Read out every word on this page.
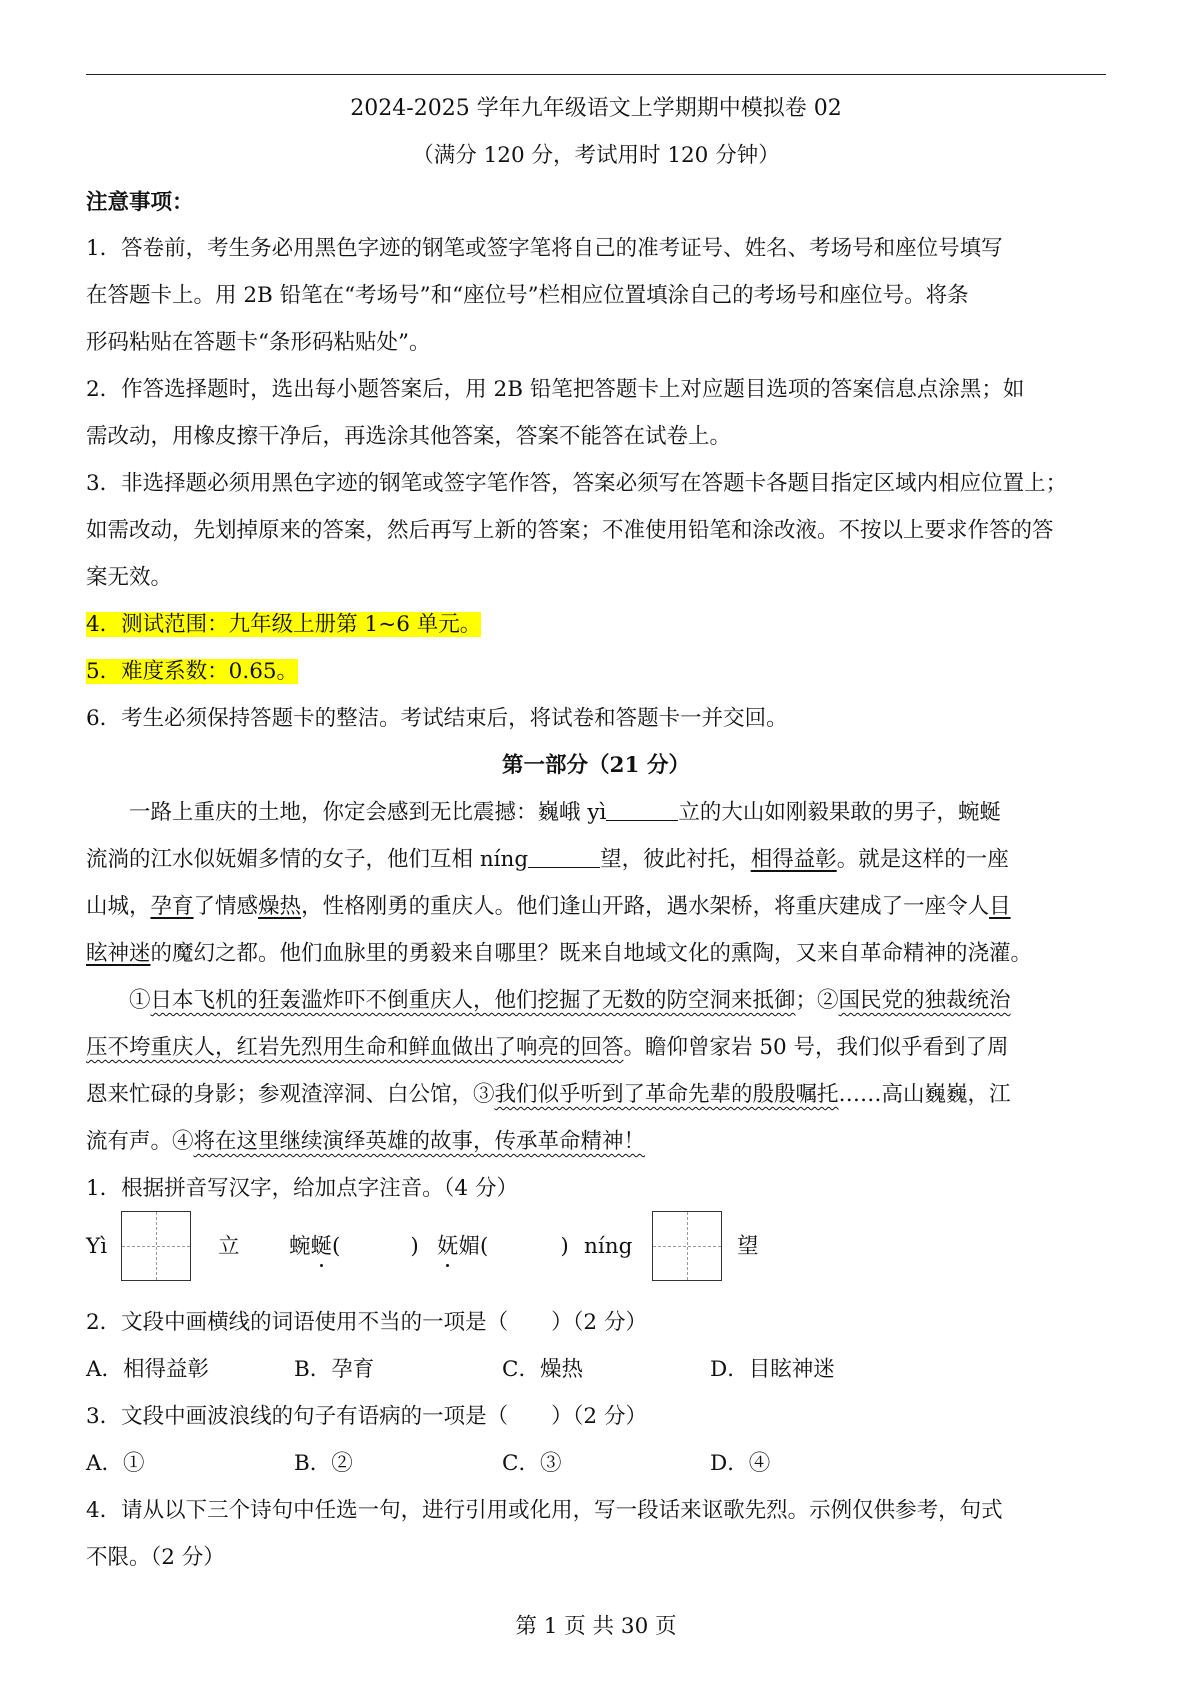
2024-2025 学年九年级语文上学期期中模拟卷 02
（满分 120 分，考试用时 120 分钟）
注意事项：
1．答卷前，考生务必用黑色字迹的钢笔或签字笔将自己的准考证号、姓名、考场号和座位号填写
在答题卡上。用 2B 铅笔在“考场号”和“座位号”栏相应位置填涂自己的考场号和座位号。将条
形码粘贴在答题卡“条形码粘贴处”。
2．作答选择题时，选出每小题答案后，用 2B 铅笔把答题卡上对应题目选项的答案信息点涂黑；如
需改动，用橡皮擦干净后，再选涂其他答案，答案不能答在试卷上。
3．非选择题必须用黑色字迹的钢笔或签字笔作答，答案必须写在答题卡各题目指定区域内相应位置上；
如需改动，先划掉原来的答案，然后再写上新的答案；不准使用铅笔和涂改液。不按以上要求作答的答
案无效。
4．测试范围：九年级上册第 1~6 单元。
5．难度系数：0.65。
6．考生必须保持答题卡的整洁。考试结束后，将试卷和答题卡一并交回。
第一部分（21 分）
一路上重庆的土地，你定会感到无比震撼：巍峨 yì	立的大山如刚毅果敢的男子，蜿蜒
流淌的江水似妩媚多情的女子，他们互相 níng	望，彼此衬托，相得益彰。就是这样的一座
山城，孕育了情感燥热，性格刚勇的重庆人。他们逢山开路，遇水架桥，将重庆建成了一座令人目
眩神迷的魔幻之都。他们血脉里的勇毅来自哪里？既来自地域文化的熏陶，又来自革命精神的浇灌。
①日本飞机的狂轰滥炸吓不倒重庆人，他们挖掘了无数的防空洞来抵御；②国民党的独裁统治
压不垮重庆人，红岩先烈用生命和鲜血做出了响亮的回答。瞻仰曾家岩 50 号，我们似乎看到了周
恩来忙碌的身影；参观渣滓洞、白公馆，③我们似乎听到了革命先辈的殷殷嘱托……高山巍巍，江
流有声。④将在这里继续演绎英雄的故事，传承革命精神！
1．根据拼音写汉字，给加点字注音。（4 分）
Yì	立 蜿蜒(	) 妩媚(	) níng	望
2．文段中画横线的词语使用不当的一项是（　　）（2 分）
A．相得益彰	B．孕育	C．燥热	D．目眩神迷
3．文段中画波浪线的句子有语病的一项是（　　）（2 分）
A．①	B．②	C．③	D．④
4．请从以下三个诗句中任选一句，进行引用或化用，写一段话来讴歌先烈。示例仅供参考，句式
不限。（2 分）
第 1 页 共 30 页
